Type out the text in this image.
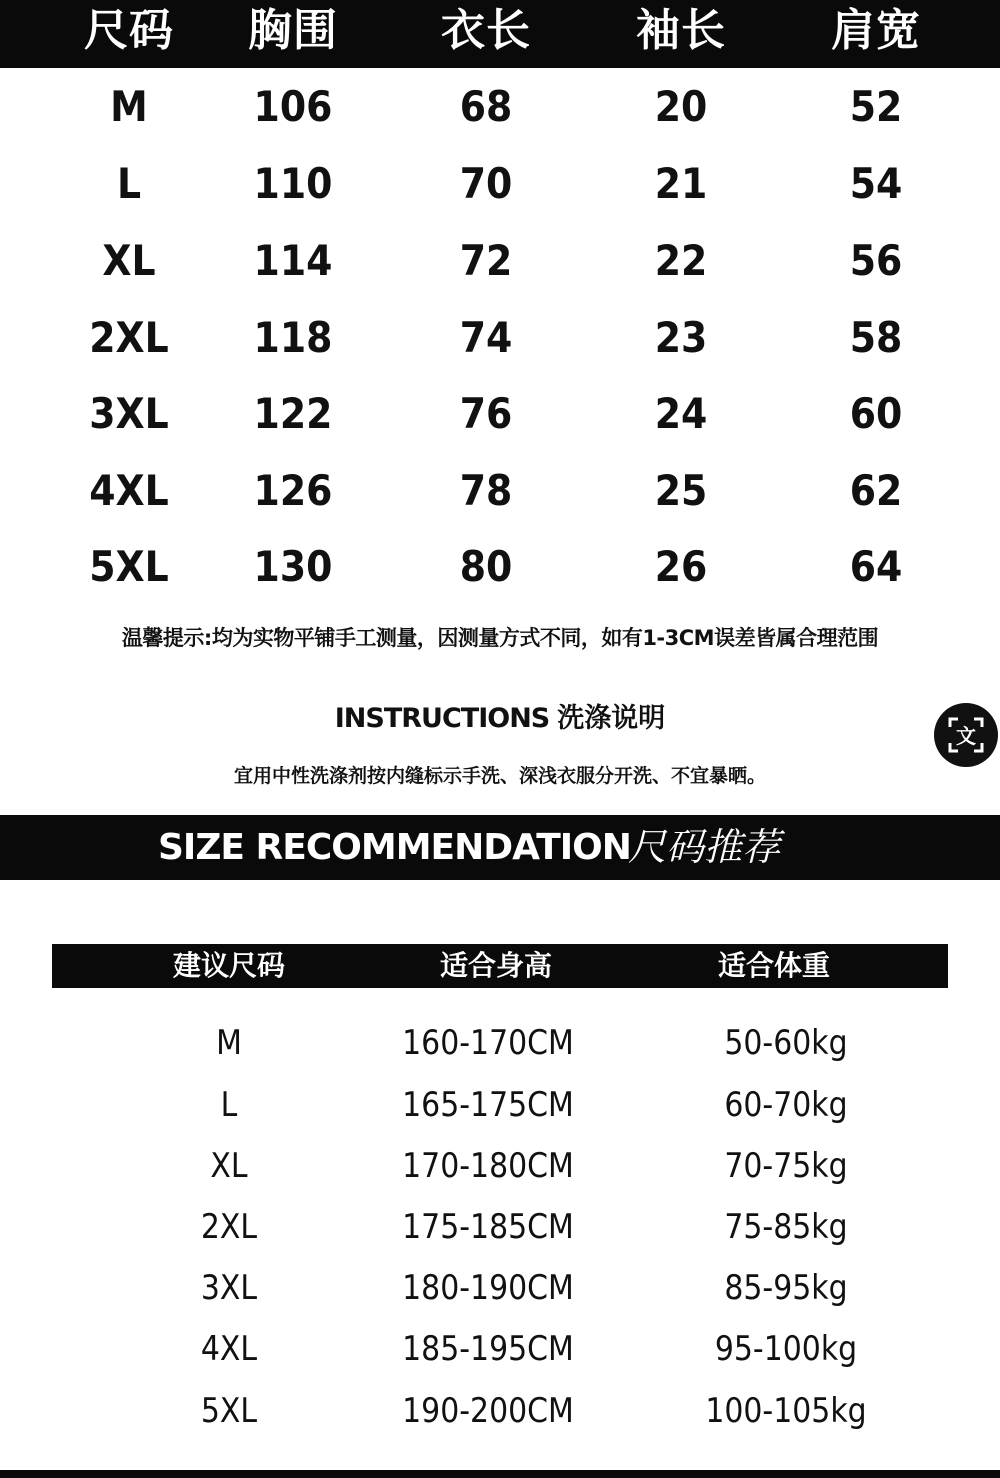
尺码	胸围	衣长	袖长	肩宽
M	106	68	20	52
L	110	70	21	54
XL	114	72	22	56
2XL	118	74	23	58
3XL	122	76	24	60
4XL	126	78	25	62
5XL	130	80	26	64
温馨提示:均为实物平铺手工测量，因测量方式不同，如有1-3CM误差皆属合理范围
INSTRUCTIONS 洗涤说明
宜用中性洗涤剂按内缝标示手洗、深浅衣服分开洗、不宜暴晒。
文
SIZE RECOMMENDATION
尺码推荐
建议尺码	适合身高	适合体重
M	160-170CM	50-60kg
L	165-175CM	60-70kg
XL	170-180CM	70-75kg
2XL	175-185CM	75-85kg
3XL	180-190CM	85-95kg
4XL	185-195CM	95-100kg
5XL	190-200CM	100-105kg
